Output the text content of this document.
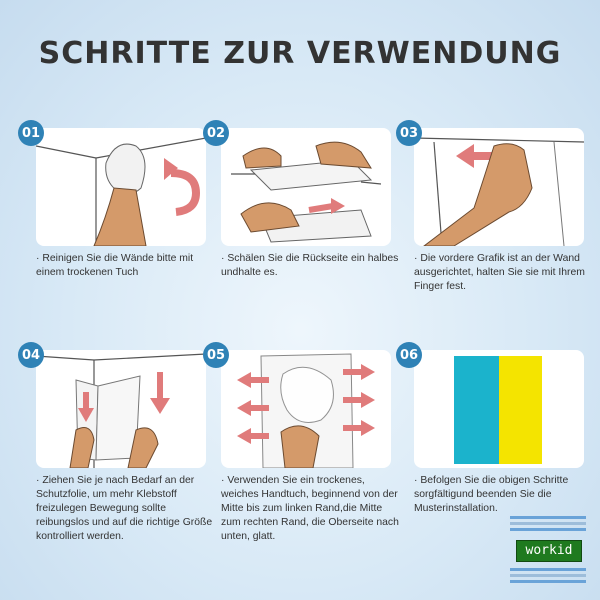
SCHRITTE ZUR VERWENDUNG
01
· Reinigen Sie die Wände bitte mit einem trockenen Tuch
02
· Schälen Sie die Rückseite ein halbes undhalte es.
03
· Die vordere Grafik ist an der Wand ausgerichtet, halten Sie sie mit Ihrem Finger fest.
04
· Ziehen Sie je nach Bedarf an der Schutzfolie, um mehr Klebstoff freizulegen Bewegung sollte reibungslos und auf die richtige Größe kontrolliert werden.
05
· Verwenden Sie ein trockenes, weiches Handtuch, beginnend von der Mitte bis zum linken Rand,die Mitte zum rechten Rand, die Oberseite nach unten, glatt.
06
· Befolgen Sie die obigen Schritte sorgfältigund beenden Sie die Musterinstallation.
workid
